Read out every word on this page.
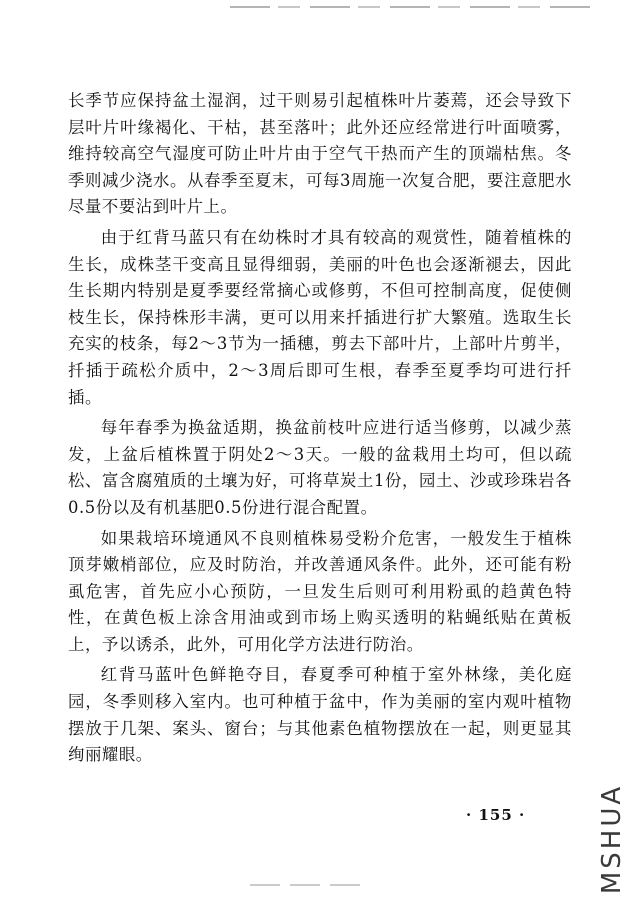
长季节应保持盆土湿润，过干则易引起植株叶片萎蔫，还会导致下层叶片叶缘褐化、干枯，甚至落叶；此外还应经常进行叶面喷雾，维持较高空气湿度可防止叶片由于空气干热而产生的顶端枯焦。冬季则减少浇水。从春季至夏末，可每3周施一次复合肥，要注意肥水尽量不要沾到叶片上。

由于红背马蓝只有在幼株时才具有较高的观赏性，随着植株的生长，成株茎干变高且显得细弱，美丽的叶色也会逐渐褪去，因此生长期内特别是夏季要经常摘心或修剪，不但可控制高度，促使侧枝生长，保持株形丰满，更可以用来扦插进行扩大繁殖。选取生长充实的枝条，每2～3节为一插穗，剪去下部叶片，上部叶片剪半，扦插于疏松介质中，2～3周后即可生根，春季至夏季均可进行扦插。

每年春季为换盆适期，换盆前枝叶应进行适当修剪，以减少蒸发，上盆后植株置于阴处2～3天。一般的盆栽用土均可，但以疏松、富含腐殖质的土壤为好，可将草炭土1份，园土、沙或珍珠岩各0.5份以及有机基肥0.5份进行混合配置。

如果栽培环境通风不良则植株易受粉介危害，一般发生于植株顶芽嫩梢部位，应及时防治，并改善通风条件。此外，还可能有粉虱危害，首先应小心预防，一旦发生后则可利用粉虱的趋黄色特性，在黄色板上涂含用油或到市场上购买透明的粘蝇纸贴在黄板上，予以诱杀，此外，可用化学方法进行防治。

红背马蓝叶色鲜艳夺目，春夏季可种植于室外林缘，美化庭园，冬季则移入室内。也可种植于盆中，作为美丽的室内观叶植物摆放于几架、案头、窗台；与其他素色植物摆放在一起，则更显其绚丽耀眼。

· 155 ·	MSHUA
